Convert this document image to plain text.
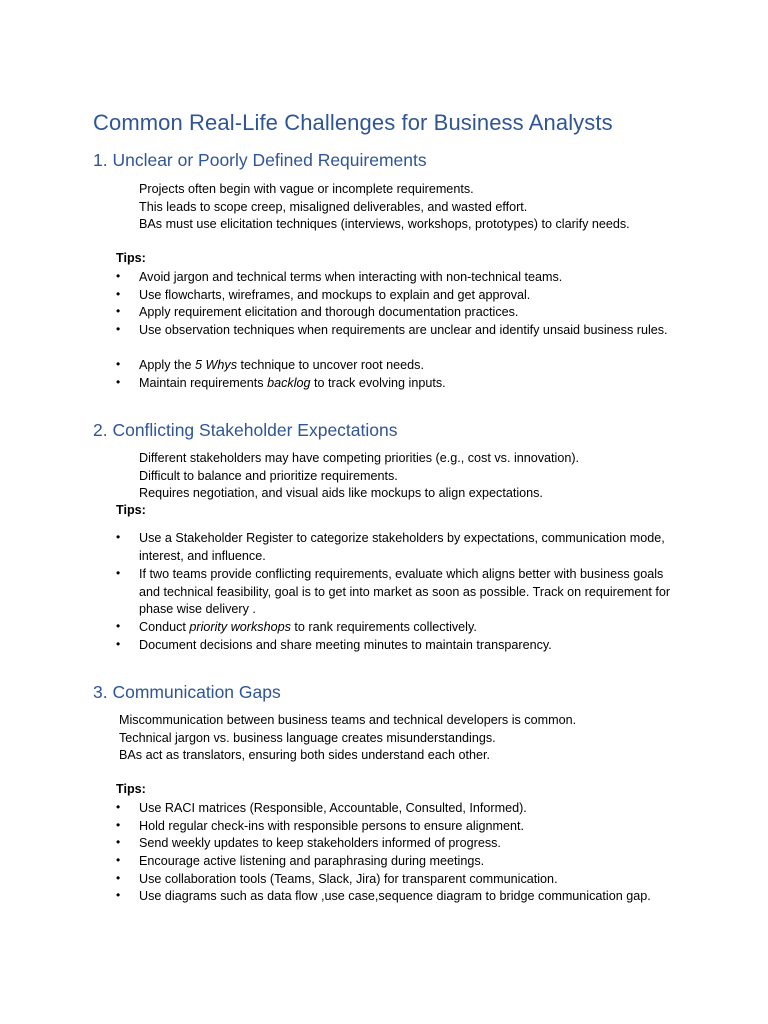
Common Real-Life Challenges for Business Analysts
1. Unclear or Poorly Defined Requirements
Projects often begin with vague or incomplete requirements.
This leads to scope creep, misaligned deliverables, and wasted effort.
BAs must use elicitation techniques (interviews, workshops, prototypes) to clarify needs.
Tips:
• Avoid jargon and technical terms when interacting with non-technical teams.
• Use flowcharts, wireframes, and mockups to explain and get approval.
• Apply requirement elicitation and thorough documentation practices.
• Use observation techniques when requirements are unclear and identify unsaid business rules.
• Apply the 5 Whys technique to uncover root needs.
• Maintain requirements backlog to track evolving inputs.
2. Conflicting Stakeholder Expectations
Different stakeholders may have competing priorities (e.g., cost vs. innovation).
Difficult to balance and prioritize requirements.
Requires negotiation, and visual aids like mockups to align expectations.
Tips:
• Use a Stakeholder Register to categorize stakeholders by expectations, communication mode, interest, and influence.
• If two teams provide conflicting requirements, evaluate which aligns better with business goals and technical feasibility, goal is to get into market as soon as possible. Track on requirement for phase wise delivery .
• Conduct priority workshops to rank requirements collectively.
• Document decisions and share meeting minutes to maintain transparency.
3. Communication Gaps
Miscommunication between business teams and technical developers is common.
Technical jargon vs. business language creates misunderstandings.
BAs act as translators, ensuring both sides understand each other.
Tips:
• Use RACI matrices (Responsible, Accountable, Consulted, Informed).
• Hold regular check-ins with responsible persons to ensure alignment.
• Send weekly updates to keep stakeholders informed of progress.
• Encourage active listening and paraphrasing during meetings.
• Use collaboration tools (Teams, Slack, Jira) for transparent communication.
• Use diagrams such as data flow ,use case,sequence diagram to bridge communication gap.
